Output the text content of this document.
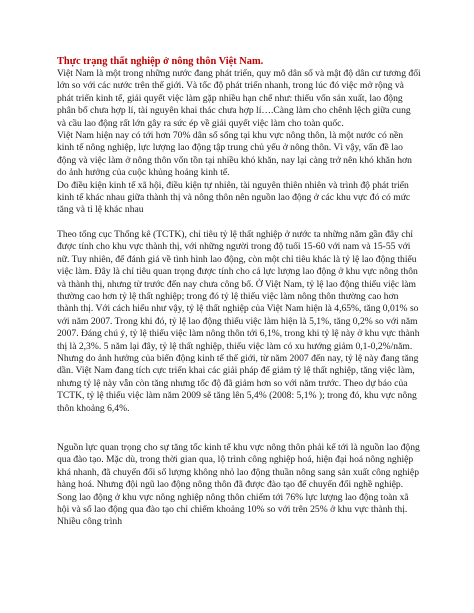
Thực trạng thất nghiệp ở nông thôn Việt Nam.

Việt Nam là một trong những nước đang phát triển, quy mô dân số và mật độ dân cư tương đối lớn so với các nước trên thế giới. Và tốc độ phát triển nhanh, trong lúc đó việc mở rộng và phát triển kinh tế, giải quyết việc làm gặp nhiều hạn chế như: thiếu vốn sản xuất, lao động phân bố chưa hợp lí, tài nguyên khai thác chưa hợp lí….Càng làm cho chênh lệch giữa cung và cầu lao động rất lớn gây ra sức ép về giải quyết việc làm cho toàn quốc.

Việt Nam hiện nay có tới hơn 70% dân số sống tại khu vực nông thôn, là một nước có nền kinh tế nông nghiệp, lực lượng lao động tập trung chủ yếu ở nông thôn. Vì vậy, vấn đề lao động và việc làm ở nông thôn vốn tồn tại nhiều khó khăn, nay lại càng trở nên khó khăn hơn do ảnh hưởng của cuộc khủng hoảng kinh tế.

Do điều kiện kinh tế xã hội, điều kiện tự nhiên, tài nguyên thiên nhiên và trình độ phát triển kinh tế khác nhau giữa thành thị và nông thôn nên nguồn lao động ở các khu vực đó có mức tăng và tỉ lệ khác nhau

Theo tổng cục Thống kê (TCTK), chỉ tiêu tỷ lệ thất nghiệp ở nước ta những năm gần đây chỉ được tính cho khu vực thành thị, với những người trong độ tuổi 15-60 với nam và 15-55 với nữ. Tuy nhiên, để đánh giá về tình hình lao động, còn một chỉ tiêu khác là tỷ lệ lao động thiếu việc làm. Đây là chỉ tiêu quan trọng được tính cho cả lực lượng lao động ở khu vực nông thôn và thành thị, nhưng từ trước đến nay chưa công bố. Ở Việt Nam, tỷ lệ lao động thiếu việc làm thường cao hơn tỷ lệ thất nghiệp; trong đó tỷ lệ thiếu việc làm nông thôn thường cao hơn thành thị. Với cách hiểu như vậy, tỷ lệ thất nghiệp của Việt Nam hiện là 4,65%, tăng 0,01% so với năm 2007. Trong khi đó, tỷ lệ lao động thiếu việc làm hiện là 5,1%, tăng 0,2% so với năm 2007. Đáng chú ý, tỷ lệ thiếu việc làm nông thôn tới 6,1%, trong khi tỷ lệ này ở khu vực thành thị là 2,3%. 5 năm lại đây, tỷ lệ thất nghiệp, thiếu việc làm có xu hướng giảm 0,1-0,2%/năm. Nhưng do ảnh hưởng của biến động kinh tế thế giới, từ năm 2007 đến nay, tỷ lệ này đang tăng dần. Việt Nam đang tích cực triển khai các giải pháp để giảm tỷ lệ thất nghiệp, tăng việc làm, nhưng tỷ lệ này vẫn còn tăng nhưng tốc độ đã giảm hơn so với năm trước. Theo dự báo của TCTK, tỷ lệ thiếu việc làm năm 2009 sẽ tăng lên 5,4% (2008: 5,1% ); trong đó, khu vực nông thôn khoảng 6,4%.

Nguồn lực quan trọng cho sự tăng tốc kinh tế khu vực nông thôn phải kể tới là nguồn lao động qua đào tạo. Mặc dù, trong thời gian qua, lộ trình công nghiệp hoá, hiện đại hoá nông nghiệp khá nhanh, đã chuyển đổi số lượng không nhỏ lao động thuần nông sang sản xuất công nghiệp hàng hoá. Nhưng đội ngũ lao động nông thôn đã được đào tạo để chuyển đổi nghề nghiệp. Song lao động ở khu vực nông nghiệp nông thôn chiếm tới 76% lực lượng lao động toàn xã hội và số lao động qua đào tạo chỉ chiếm khoảng 10% so với trên 25% ở khu vực thành thị. Nhiều công trình
